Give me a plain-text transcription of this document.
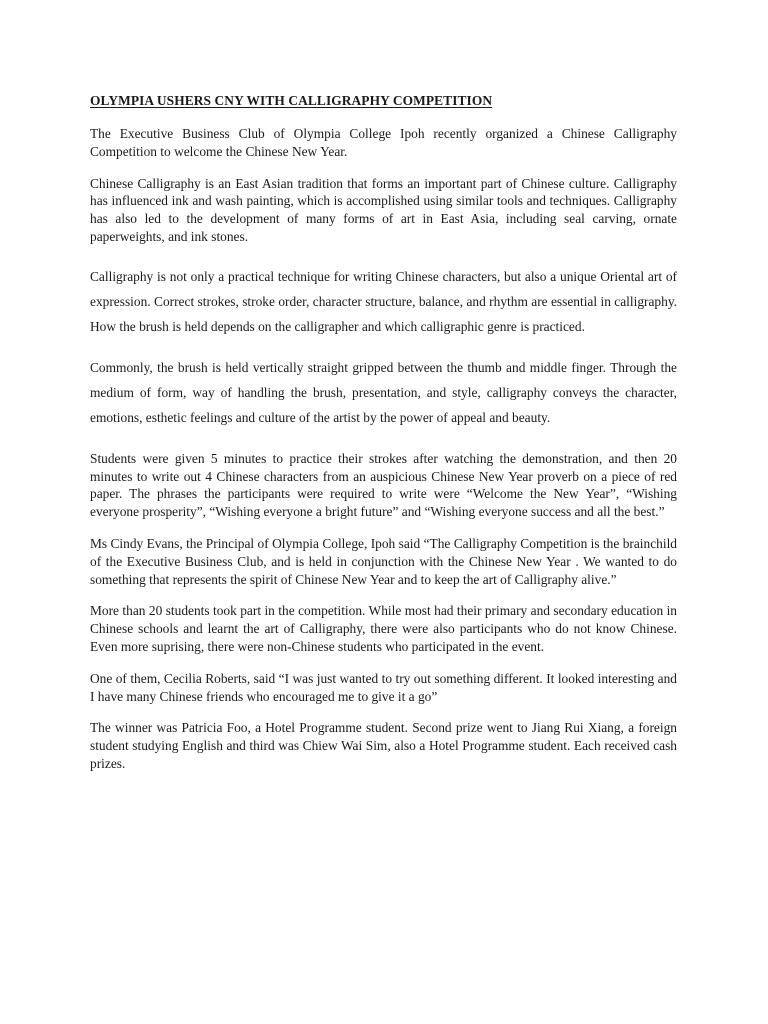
OLYMPIA USHERS CNY WITH CALLIGRAPHY COMPETITION

The Executive Business Club of Olympia College Ipoh recently organized a Chinese Calligraphy Competition to welcome the Chinese New Year.

Chinese Calligraphy is an East Asian tradition that forms an important part of Chinese culture. Calligraphy has influenced ink and wash painting, which is accomplished using similar tools and techniques. Calligraphy has also led to the development of many forms of art in East Asia, including seal carving, ornate paperweights, and ink stones.

Calligraphy is not only a practical technique for writing Chinese characters, but also a unique Oriental art of expression. Correct strokes, stroke order, character structure, balance, and rhythm are essential in calligraphy. How the brush is held depends on the calligrapher and which calligraphic genre is practiced.

Commonly, the brush is held vertically straight gripped between the thumb and middle finger. Through the medium of form, way of handling the brush, presentation, and style, calligraphy conveys the character, emotions, esthetic feelings and culture of the artist by the power of appeal and beauty.

Students were given 5 minutes to practice their strokes after watching the demonstration, and then 20 minutes to write out 4 Chinese characters from an auspicious Chinese New Year proverb on a piece of red paper. The phrases the participants were required to write were “Welcome the New Year”, “Wishing everyone prosperity”, “Wishing everyone a bright future” and “Wishing everyone success and all the best.”

Ms Cindy Evans, the Principal of Olympia College, Ipoh said “The Calligraphy Competition is the brainchild of the Executive Business Club, and is held in conjunction with the Chinese New Year . We wanted to do something that represents the spirit of Chinese New Year and to keep the art of Calligraphy alive.”

More than 20 students took part in the competition. While most had their primary and secondary education in Chinese schools and learnt the art of Calligraphy, there were also participants who do not know Chinese. Even more suprising, there were non-Chinese students who participated in the event.

One of them, Cecilia Roberts, said “I was just wanted to try out something different. It looked interesting and I have many Chinese friends who encouraged me to give it a go”

The winner was Patricia Foo, a Hotel Programme student. Second prize went to Jiang Rui Xiang, a foreign student studying English and third was Chiew Wai Sim, also a Hotel Programme student. Each received cash prizes.
